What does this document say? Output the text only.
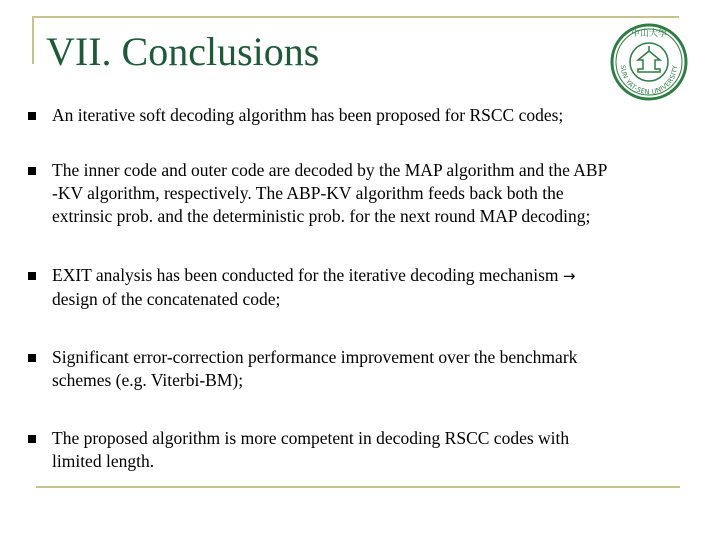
VII. Conclusions	中山大學
SUN YAT-SEN UNIVERSITY
An iterative soft decoding algorithm has been proposed for RSCC codes;
The inner code and outer code are decoded by the MAP algorithm and the ABP
-KV algorithm, respectively. The ABP-KV algorithm feeds back both the
extrinsic prob. and the deterministic prob. for the next round MAP decoding;
EXIT analysis has been conducted for the iterative decoding mechanism →
design of the concatenated code;
Significant error-correction performance improvement over the benchmark
schemes (e.g. Viterbi-BM);
The proposed algorithm is more competent in decoding RSCC codes with
limited length.
